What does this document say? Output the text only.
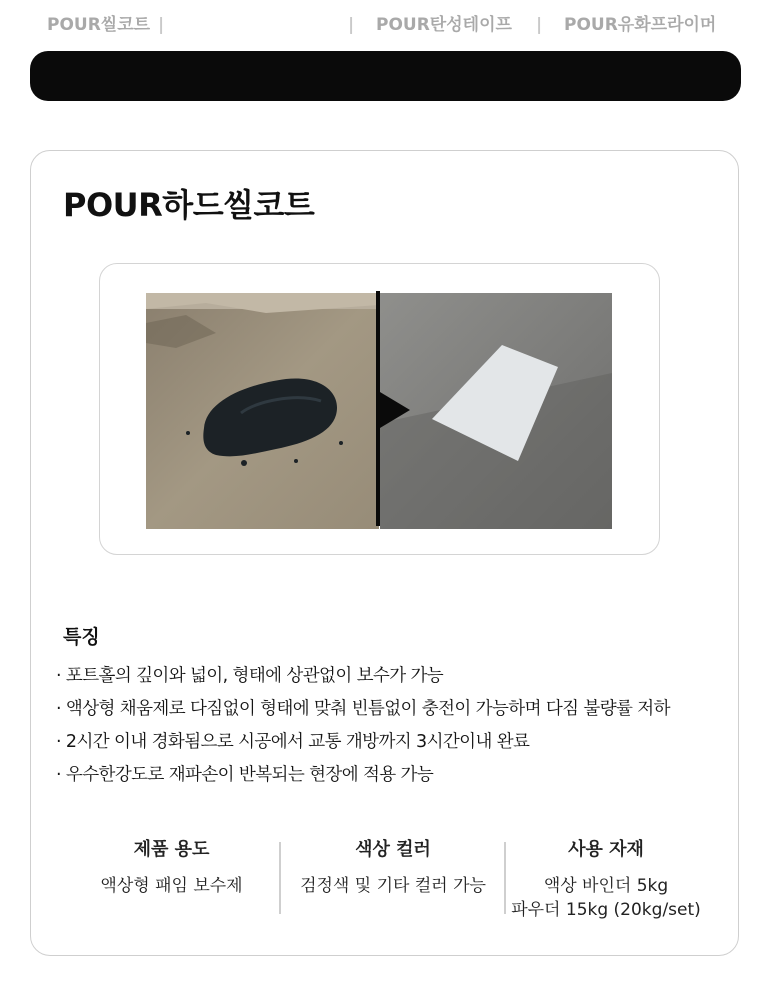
POUR씰코트 | POUR하드씰코트 | POUR탄성테이프 | POUR유화프라이머
POUR하드씰코트
특징
· 포트홀의 깊이와 넓이, 형태에 상관없이 보수가 가능
· 액상형 채움제로 다짐없이 형태에 맞춰 빈틈없이 충전이 가능하며 다짐 불량률 저하
· 2시간 이내 경화됨으로 시공에서 교통 개방까지 3시간이내 완료
· 우수한강도로 재파손이 반복되는 현장에 적용 가능
제품 용도
액상형 패임 보수제
색상 컬러
검정색 및 기타 컬러 가능
사용 자재
액상 바인더 5kg
파우더 15kg (20kg/set)
